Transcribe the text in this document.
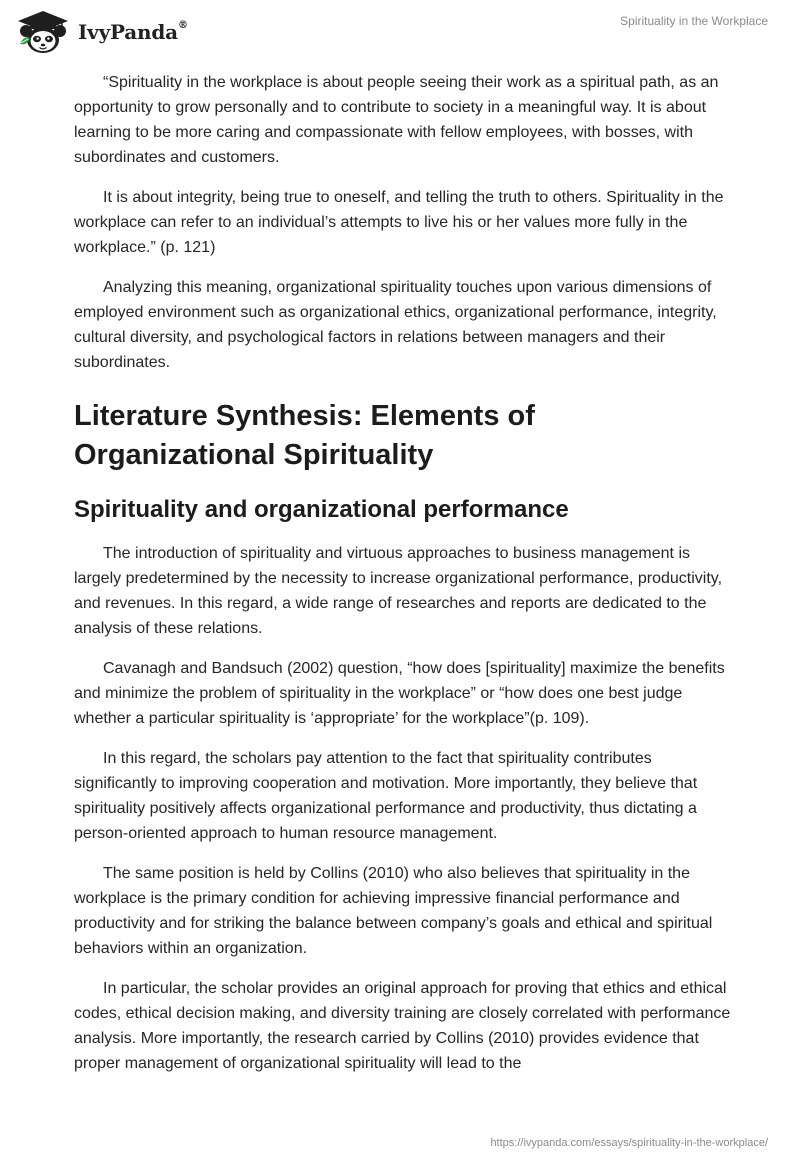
IvyPanda®	Spirituality in the Workplace

“Spirituality in the workplace is about people seeing their work as a spiritual path, as an opportunity to grow personally and to contribute to society in a meaningful way. It is about learning to be more caring and compassionate with fellow employees, with bosses, with subordinates and customers.

It is about integrity, being true to oneself, and telling the truth to others. Spirituality in the workplace can refer to an individual’s attempts to live his or her values more fully in the workplace.” (p. 121)

Analyzing this meaning, organizational spirituality touches upon various dimensions of employed environment such as organizational ethics, organizational performance, integrity, cultural diversity, and psychological factors in relations between managers and their subordinates.

Literature Synthesis: Elements of Organizational Spirituality
Spirituality and organizational performance

The introduction of spirituality and virtuous approaches to business management is largely predetermined by the necessity to increase organizational performance, productivity, and revenues. In this regard, a wide range of researches and reports are dedicated to the analysis of these relations.

Cavanagh and Bandsuch (2002) question, “how does [spirituality] maximize the benefits and minimize the problem of spirituality in the workplace” or “how does one best judge whether a particular spirituality is ‘appropriate’ for the workplace”(p. 109).

In this regard, the scholars pay attention to the fact that spirituality contributes significantly to improving cooperation and motivation. More importantly, they believe that spirituality positively affects organizational performance and productivity, thus dictating a person-oriented approach to human resource management.

The same position is held by Collins (2010) who also believes that spirituality in the workplace is the primary condition for achieving impressive financial performance and productivity and for striking the balance between company’s goals and ethical and spiritual behaviors within an organization.

In particular, the scholar provides an original approach for proving that ethics and ethical codes, ethical decision making, and diversity training are closely correlated with performance analysis. More importantly, the research carried by Collins (2010) provides evidence that proper management of organizational spirituality will lead to the

https://ivypanda.com/essays/spirituality-in-the-workplace/
